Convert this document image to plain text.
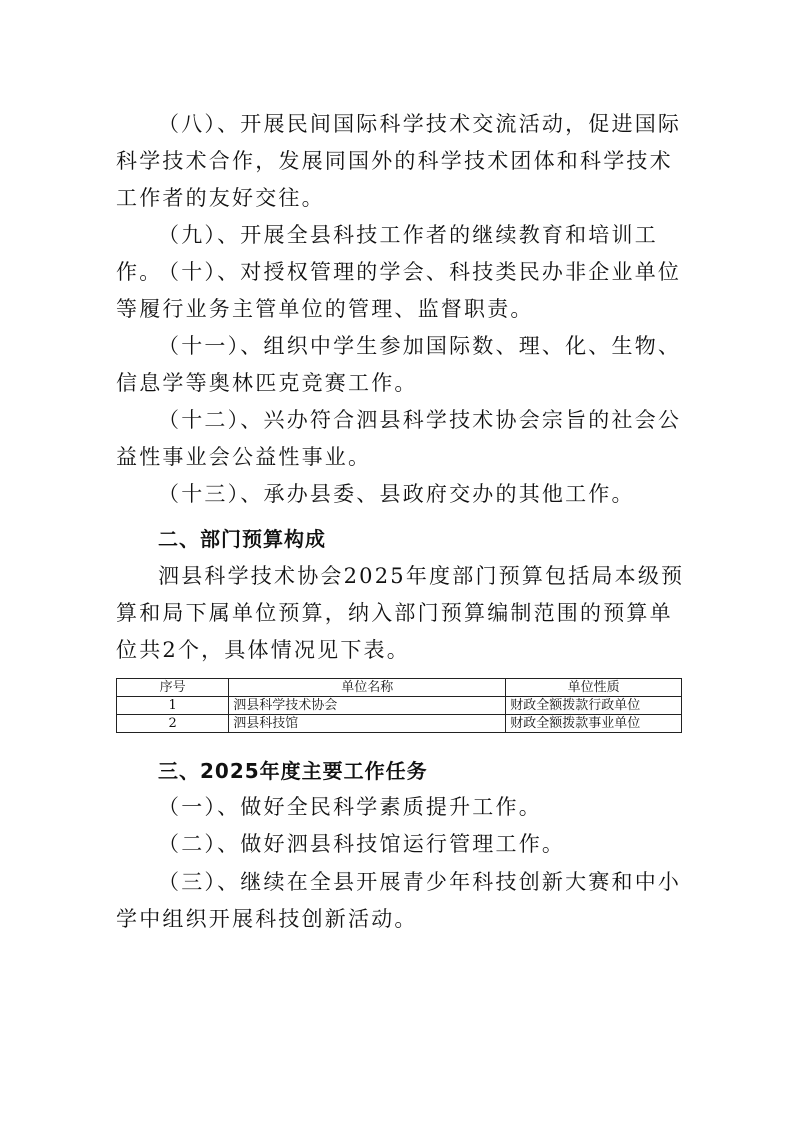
（八）、开展民间国际科学技术交流活动，促进国际科学技术合作，发展同国外的科学技术团体和科学技术工作者的友好交往。

（九）、开展全县科技工作者的继续教育和培训工作。

（十）、对授权管理的学会、科技类民办非企业单位等履行业务主管单位的管理、监督职责。

（十一）、组织中学生参加国际数、理、化、生物、信息学等奥林匹克竞赛工作。

（十二）、兴办符合泗县科学技术协会宗旨的社会公益性事业会公益性事业。

（十三）、承办县委、县政府交办的其他工作。

二、部门预算构成

泗县科学技术协会2025年度部门预算包括局本级预算和局下属单位预算，纳入部门预算编制范围的预算单位共2个，具体情况见下表。

序号	单位名称	单位性质
1	泗县科学技术协会	财政全额拨款行政单位
2	泗县科技馆	财政全额拨款事业单位
三、2025年度主要工作任务

（一）、做好全民科学素质提升工作。

（二）、做好泗县科技馆运行管理工作。

（三）、继续在全县开展青少年科技创新大赛和中小学中组织开展科技创新活动。
